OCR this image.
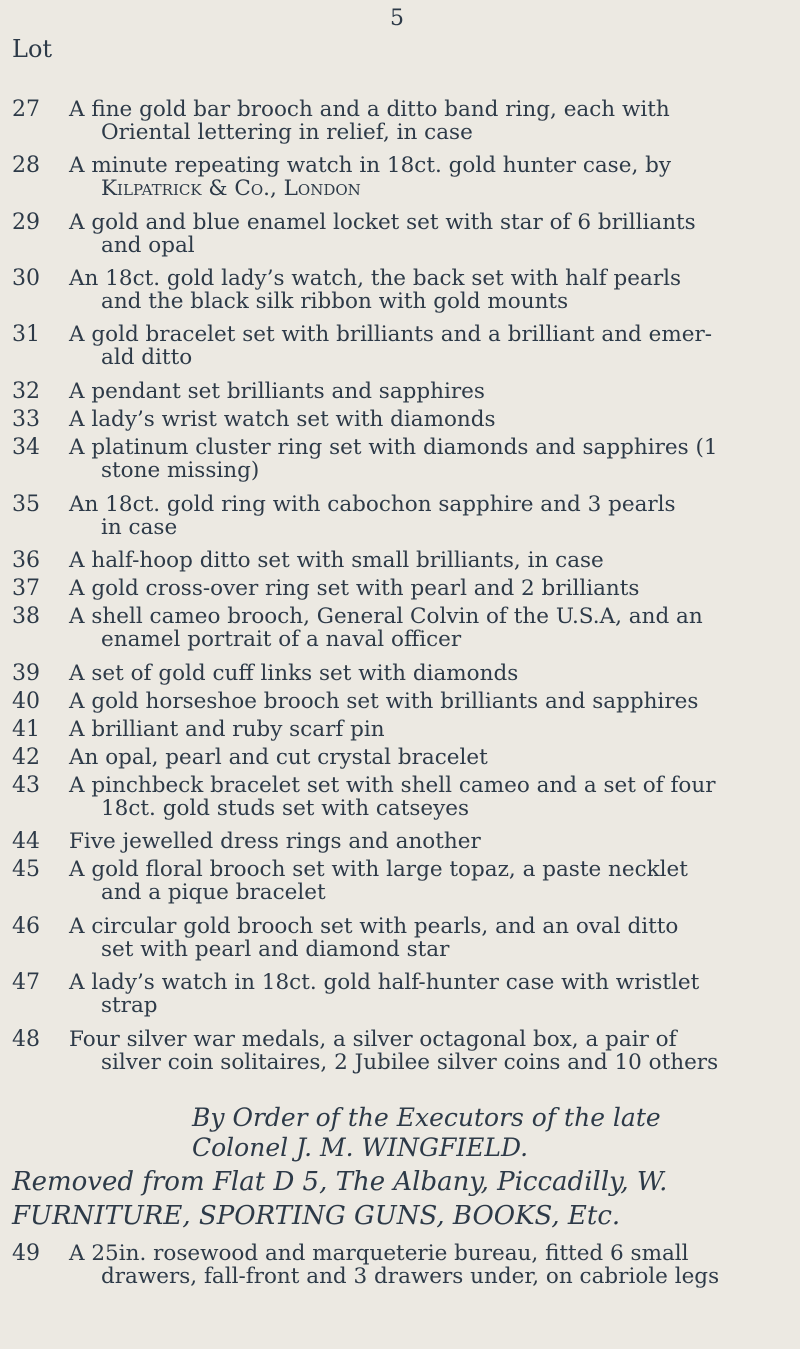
5
Lot
27	A fine gold bar brooch and a ditto band ring, each with
Oriental lettering in relief, in case
28	A minute repeating watch in 18ct. gold hunter case, by
Kilpatrick & Co., London
29	A gold and blue enamel locket set with star of 6 brilliants
and opal
30	An 18ct. gold lady’s watch, the back set with half pearls
and the black silk ribbon with gold mounts
31	A gold bracelet set with brilliants and a brilliant and emer-
ald ditto
32	A pendant set brilliants and sapphires
33	A lady’s wrist watch set with diamonds
34	A platinum cluster ring set with diamonds and sapphires (1
stone missing)
35	An 18ct. gold ring with cabochon sapphire and 3 pearls
in case
36	A half-hoop ditto set with small brilliants, in case
37	A gold cross-over ring set with pearl and 2 brilliants
38	A shell cameo brooch, General Colvin of the U.S.A, and an
enamel portrait of a naval officer
39	A set of gold cuff links set with diamonds
40	A gold horseshoe brooch set with brilliants and sapphires
41	A brilliant and ruby scarf pin
42	An opal, pearl and cut crystal bracelet
43	A pinchbeck bracelet set with shell cameo and a set of four
18ct. gold studs set with catseyes
44	Five jewelled dress rings and another
45	A gold floral brooch set with large topaz, a paste necklet
and a pique bracelet
46	A circular gold brooch set with pearls, and an oval ditto
set with pearl and diamond star
47	A lady’s watch in 18ct. gold half-hunter case with wristlet
strap
48	Four silver war medals, a silver octagonal box, a pair of
silver coin solitaires, 2 Jubilee silver coins and 10 others
By Order of the Executors of the late
Colonel J. M. WINGFIELD.
Removed from Flat D 5, The Albany, Piccadilly, W.
FURNITURE, SPORTING GUNS, BOOKS, Etc.
49	A 25in. rosewood and marqueterie bureau, fitted 6 small
drawers, fall-front and 3 drawers under, on cabriole legs
